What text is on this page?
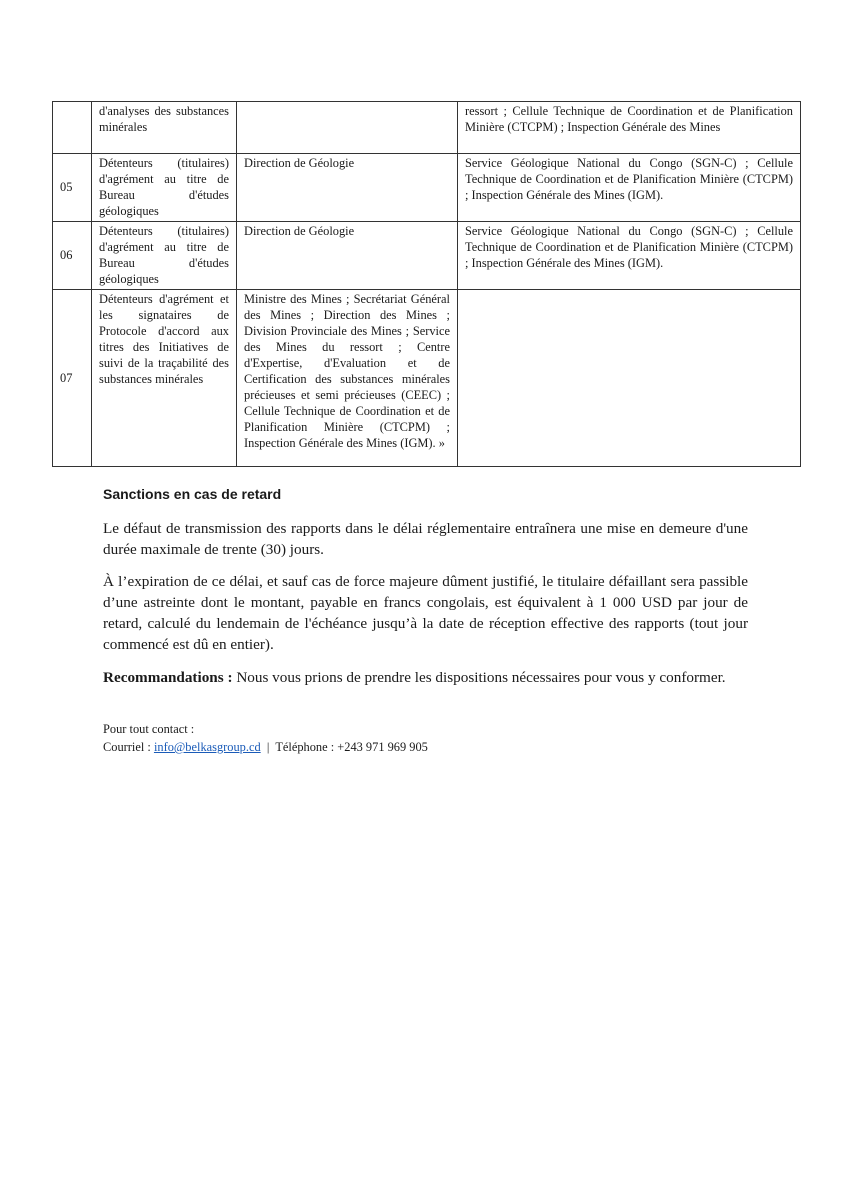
	d'analyses des substances minérales		ressort ; Cellule Technique de Coordination et de Planification Minière (CTCPM) ; Inspection Générale des Mines
05	Détenteurs (titulaires) d'agrément au titre de Bureau d'études géologiques	Direction de Géologie	Service Géologique National du Congo (SGN-C) ; Cellule Technique de Coordination et de Planification Minière (CTCPM) ; Inspection Générale des Mines (IGM).
06	Détenteurs (titulaires) d'agrément au titre de Bureau d'études géologiques	Direction de Géologie	Service Géologique National du Congo (SGN-C) ; Cellule Technique de Coordination et de Planification Minière (CTCPM) ; Inspection Générale des Mines (IGM).
07	Détenteurs d'agrément et les signataires de Protocole d'accord aux titres des Initiatives de suivi de la traçabilité des substances minérales	Ministre des Mines ; Secrétariat Général des Mines ; Direction des Mines ; Division Provinciale des Mines ; Service des Mines du ressort ; Centre d'Expertise, d'Evaluation et de Certification des substances minérales précieuses et semi précieuses (CEEC) ; Cellule Technique de Coordination et de Planification Minière (CTCPM) ; Inspection Générale des Mines (IGM). »	
Sanctions en cas de retard
Le défaut de transmission des rapports dans le délai réglementaire entraînera une mise en demeure d'une durée maximale de trente (30) jours.
À l’expiration de ce délai, et sauf cas de force majeure dûment justifié, le titulaire défaillant sera passible d’une astreinte dont le montant, payable en francs congolais, est équivalent à 1 000 USD par jour de retard, calculé du lendemain de l'échéance jusqu’à la date de réception effective des rapports (tout jour commencé est dû en entier).
Recommandations : Nous vous prions de prendre les dispositions nécessaires pour vous y conformer.
Pour tout contact :
Courriel : info@belkasgroup.cd  |  Téléphone : +243 971 969 905
